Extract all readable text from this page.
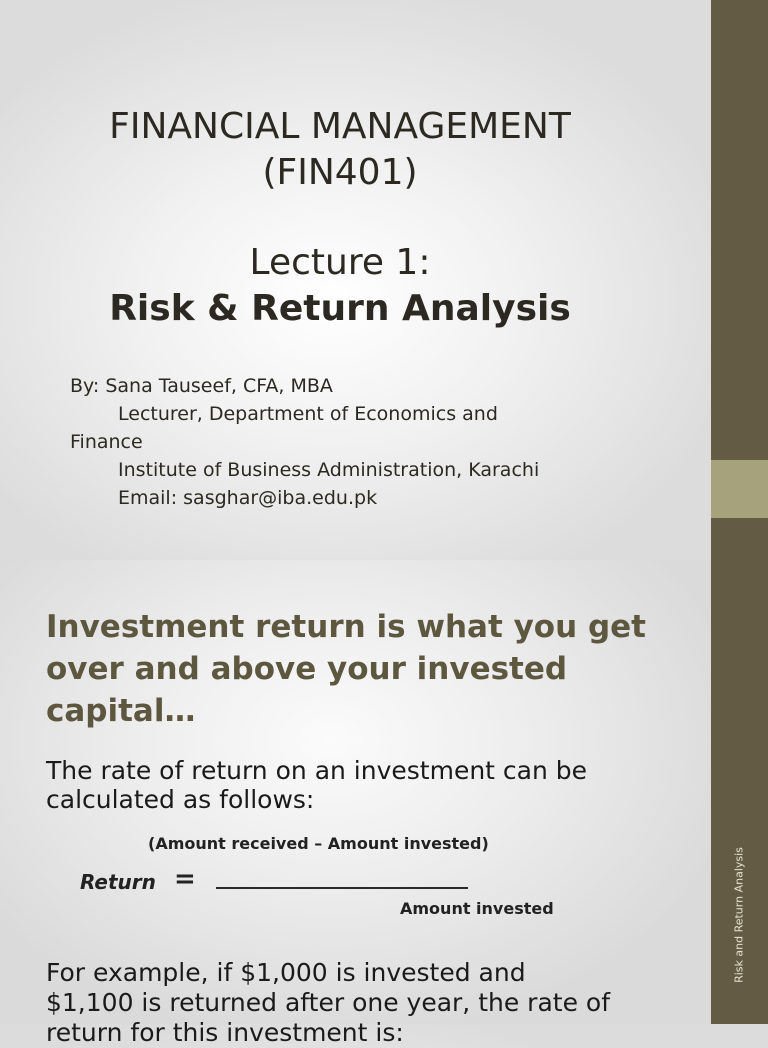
Risk and Return Analysis
FINANCIAL MANAGEMENT
(FIN401)
Lecture 1:
Risk & Return Analysis
By: Sana Tauseef, CFA, MBA
Lecturer, Department of Economics and
Finance
Institute of Business Administration, Karachi
Email: sasghar@iba.edu.pk
Investment return is what you get
over and above your invested
capital…
The rate of return on an investment can be
calculated as follows:
(Amount received – Amount invested)
Return =
Amount invested
For example, if $1,000 is invested and
$1,100 is returned after one year, the rate of
return for this investment is:
